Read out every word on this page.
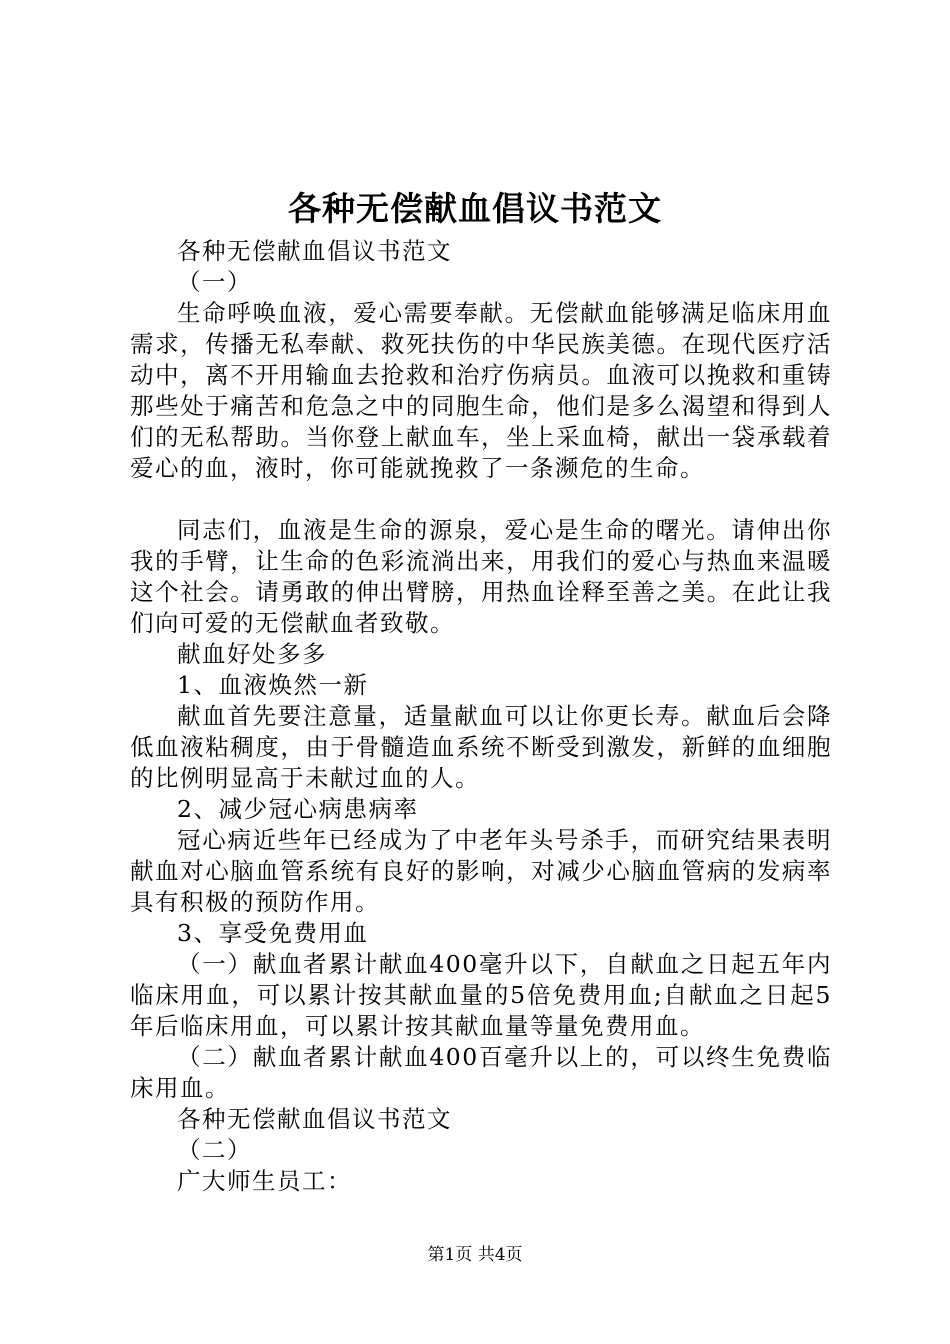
各种无偿献血倡议书范文

各种无偿献血倡议书范文

（一）

生命呼唤血液，爱心需要奉献。无偿献血能够满足临床用血需求，传播无私奉献、救死扶伤的中华民族美德。在现代医疗活动中，离不开用输血去抢救和治疗伤病员。血液可以挽救和重铸那些处于痛苦和危急之中的同胞生命，他们是多么渴望和得到人们的无私帮助。当你登上献血车，坐上采血椅，献出一袋承载着爱心的血，液时，你可能就挽救了一条濒危的生命。

同志们，血液是生命的源泉，爱心是生命的曙光。请伸出你我的手臂，让生命的色彩流淌出来，用我们的爱心与热血来温暖这个社会。请勇敢的伸出臂膀，用热血诠释至善之美。在此让我们向可爱的无偿献血者致敬。

献血好处多多

1、血液焕然一新

献血首先要注意量，适量献血可以让你更长寿。献血后会降低血液粘稠度，由于骨髓造血系统不断受到激发，新鲜的血细胞的比例明显高于未献过血的人。

2、减少冠心病患病率

冠心病近些年已经成为了中老年头号杀手，而研究结果表明献血对心脑血管系统有良好的影响，对减少心脑血管病的发病率具有积极的预防作用。

3、享受免费用血

（一）献血者累计献血400毫升以下，自献血之日起五年内临床用血，可以累计按其献血量的5倍免费用血;自献血之日起5年后临床用血，可以累计按其献血量等量免费用血。

（二）献血者累计献血400百毫升以上的，可以终生免费临床用血。

各种无偿献血倡议书范文

（二）

广大师生员工：

第1页 共4页
